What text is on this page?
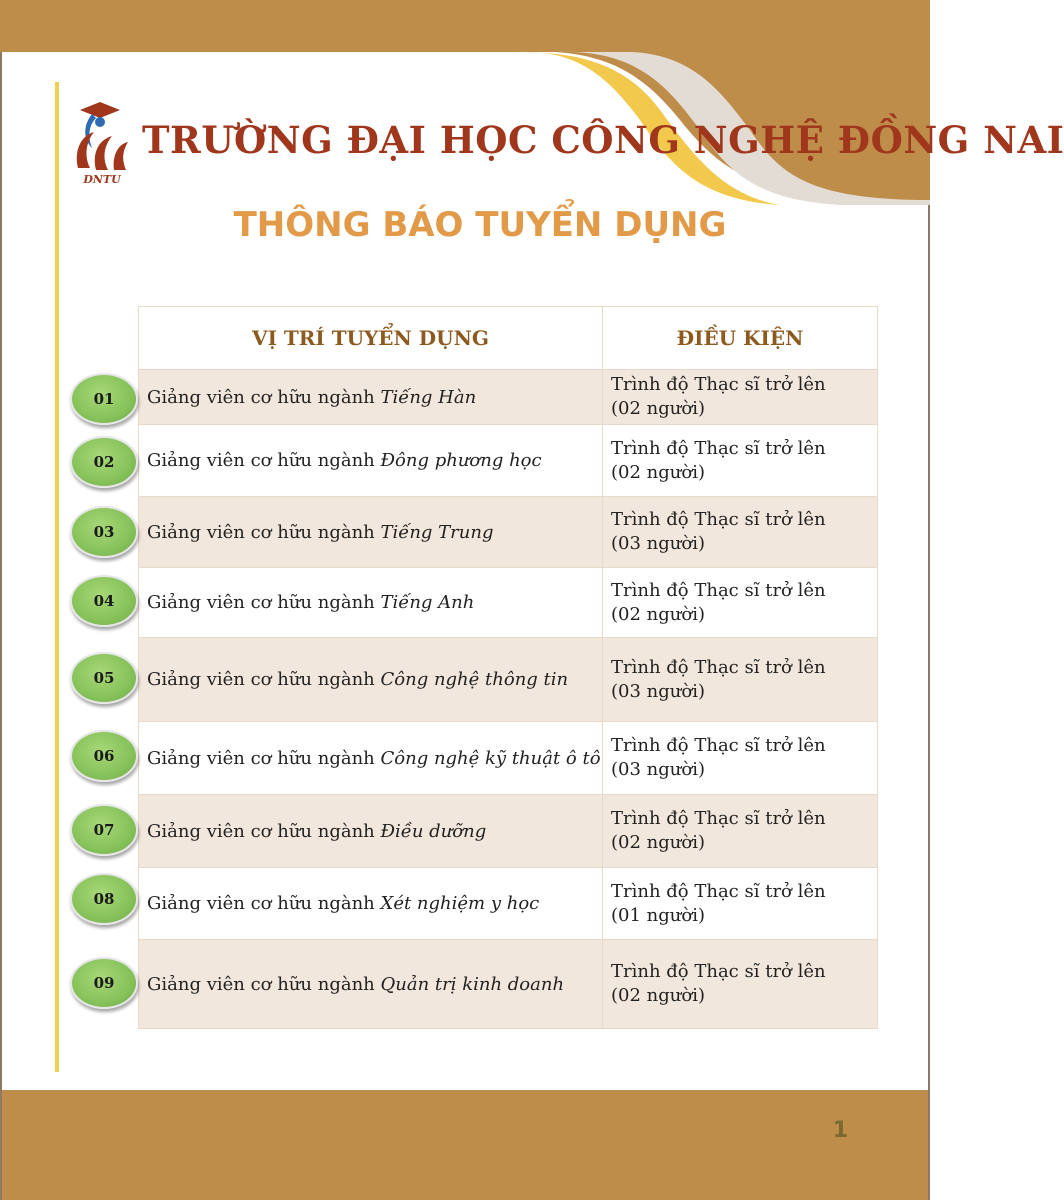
DNTU
TRƯỜNG ĐẠI HỌC CÔNG NGHỆ ĐỒNG NAI
THÔNG BÁO TUYỂN DỤNG
VỊ TRÍ TUYỂN DỤNG	ĐIỀU KIỆN
Giảng viên cơ hữu ngành Tiếng Hàn	Trình độ Thạc sĩ trở lên
(02 người)

Giảng viên cơ hữu ngành Đông phương học	Trình độ Thạc sĩ trở lên
(02 người)

Giảng viên cơ hữu ngành Tiếng Trung	Trình độ Thạc sĩ trở lên
(03 người)

Giảng viên cơ hữu ngành Tiếng Anh	Trình độ Thạc sĩ trở lên
(02 người)

Giảng viên cơ hữu ngành Công nghệ thông tin	Trình độ Thạc sĩ trở lên
(03 người)

Giảng viên cơ hữu ngành Công nghệ kỹ thuật ô tô	Trình độ Thạc sĩ trở lên
(03 người)

Giảng viên cơ hữu ngành Điều dưỡng	Trình độ Thạc sĩ trở lên
(02 người)

Giảng viên cơ hữu ngành Xét nghiệm y học	Trình độ Thạc sĩ trở lên
(01 người)

Giảng viên cơ hữu ngành Quản trị kinh doanh	Trình độ Thạc sĩ trở lên
(02 người)
01
02
03
04
05
06
07
08
09
1
